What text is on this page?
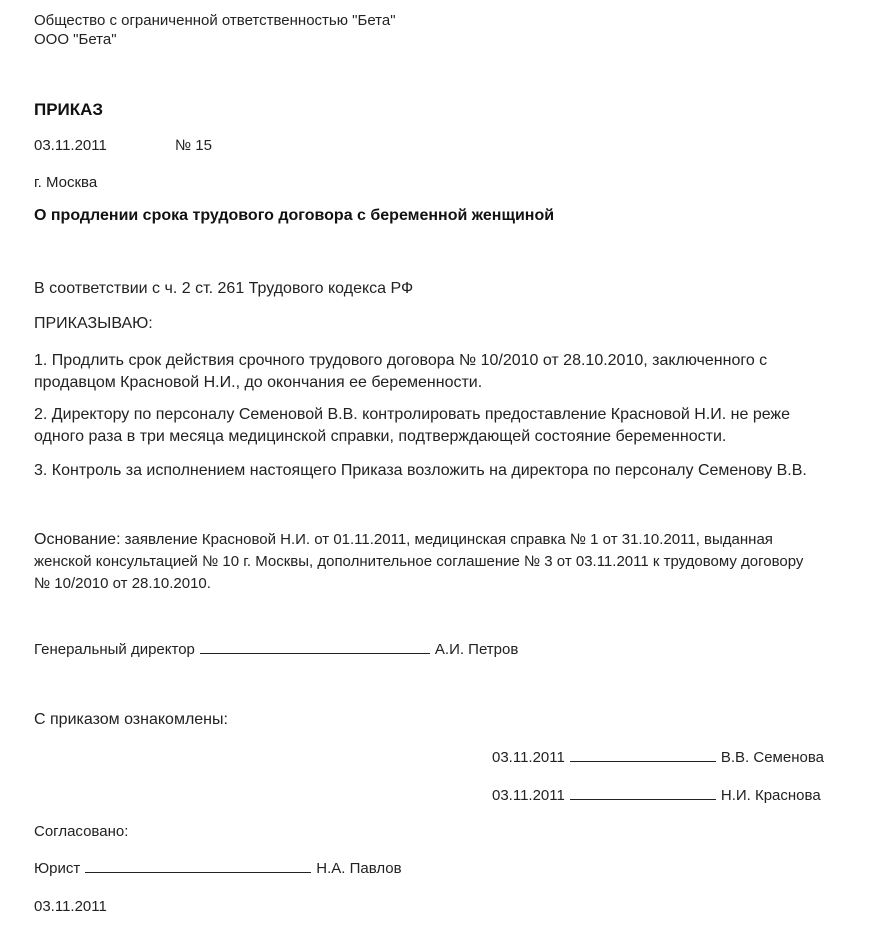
Общество с ограниченной ответственностью "Бета"
ООО "Бета"
ПРИКАЗ
03.11.2011	№ 15
г. Москва
О продлении срока трудового договора с беременной женщиной
В соответствии с ч. 2 ст. 261 Трудового кодекса РФ
ПРИКАЗЫВАЮ:
1. Продлить срок действия срочного трудового договора № 10/2010 от 28.10.2010, заключенного с
продавцом Красновой Н.И., до окончания ее беременности.
2. Директору по персоналу Семеновой В.В. контролировать предоставление Красновой Н.И. не реже
одного раза в три месяца медицинской справки, подтверждающей состояние беременности.
3. Контроль за исполнением настоящего Приказа возложить на директора по персоналу Семенову В.В.
Основание: заявление Красновой Н.И. от 01.11.2011, медицинская справка № 1 от 31.10.2011, выданная
женской консультацией № 10 г. Москвы, дополнительное соглашение № 3 от 03.11.2011 к трудовому договору
№ 10/2010 от 28.10.2010.
Генеральный директор	А.И. Петров
С приказом ознакомлены:
03.11.2011	В.В. Семенова
03.11.2011	Н.И. Краснова
Согласовано:
Юрист	Н.А. Павлов
03.11.2011
